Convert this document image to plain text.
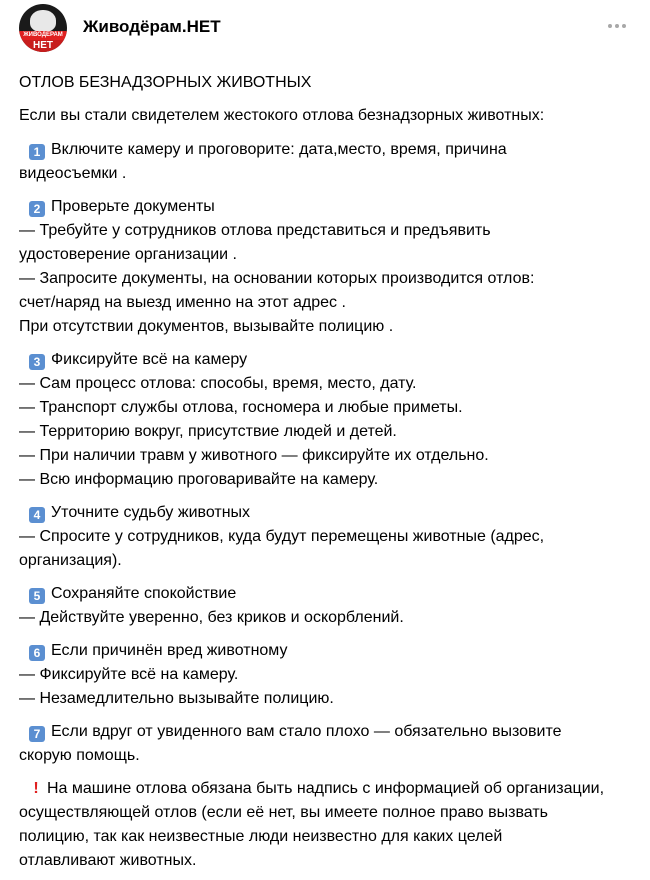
ЖИВОДЕРАМ
НЕТ
Живодёрам.НЕТ
ОТЛОВ БЕЗНАДЗОРНЫХ ЖИВОТНЫХ
Если вы стали свидетелем жестокого отлова безнадзорных животных:
1 Включите камеру и проговорите: дата,место, время, причина
видеосъемки .
2 Проверьте документы
— Требуйте у сотрудников отлова представиться и предъявить
удостоверение организации .
— Запросите документы, на основании которых производится отлов:
счет/наряд на выезд именно на этот адрес .
При отсутствии документов, вызывайте полицию .
3 Фиксируйте всё на камеру
— Сам процесс отлова: способы, время, место, дату.
— Транспорт службы отлова, госномера и любые приметы.
— Территорию вокруг, присутствие людей и детей.
— При наличии травм у животного — фиксируйте их отдельно.
— Всю информацию проговаривайте на камеру.
4 Уточните судьбу животных
— Спросите у сотрудников, куда будут перемещены животные (адрес,
организация).
5 Сохраняйте спокойствие
— Действуйте уверенно, без криков и оскорблений.
6 Если причинён вред животному
— Фиксируйте всё на камеру.
— Незамедлительно вызывайте полицию.
7 Если вдруг от увиденного вам стало плохо — обязательно вызовите
скорую помощь.
! На машине отлова обязана быть надпись с информацией об организации,
осуществляющей отлов (если её нет, вы имеете полное право вызвать
полицию, так как неизвестные люди неизвестно для каких целей
отлавливают животных.
